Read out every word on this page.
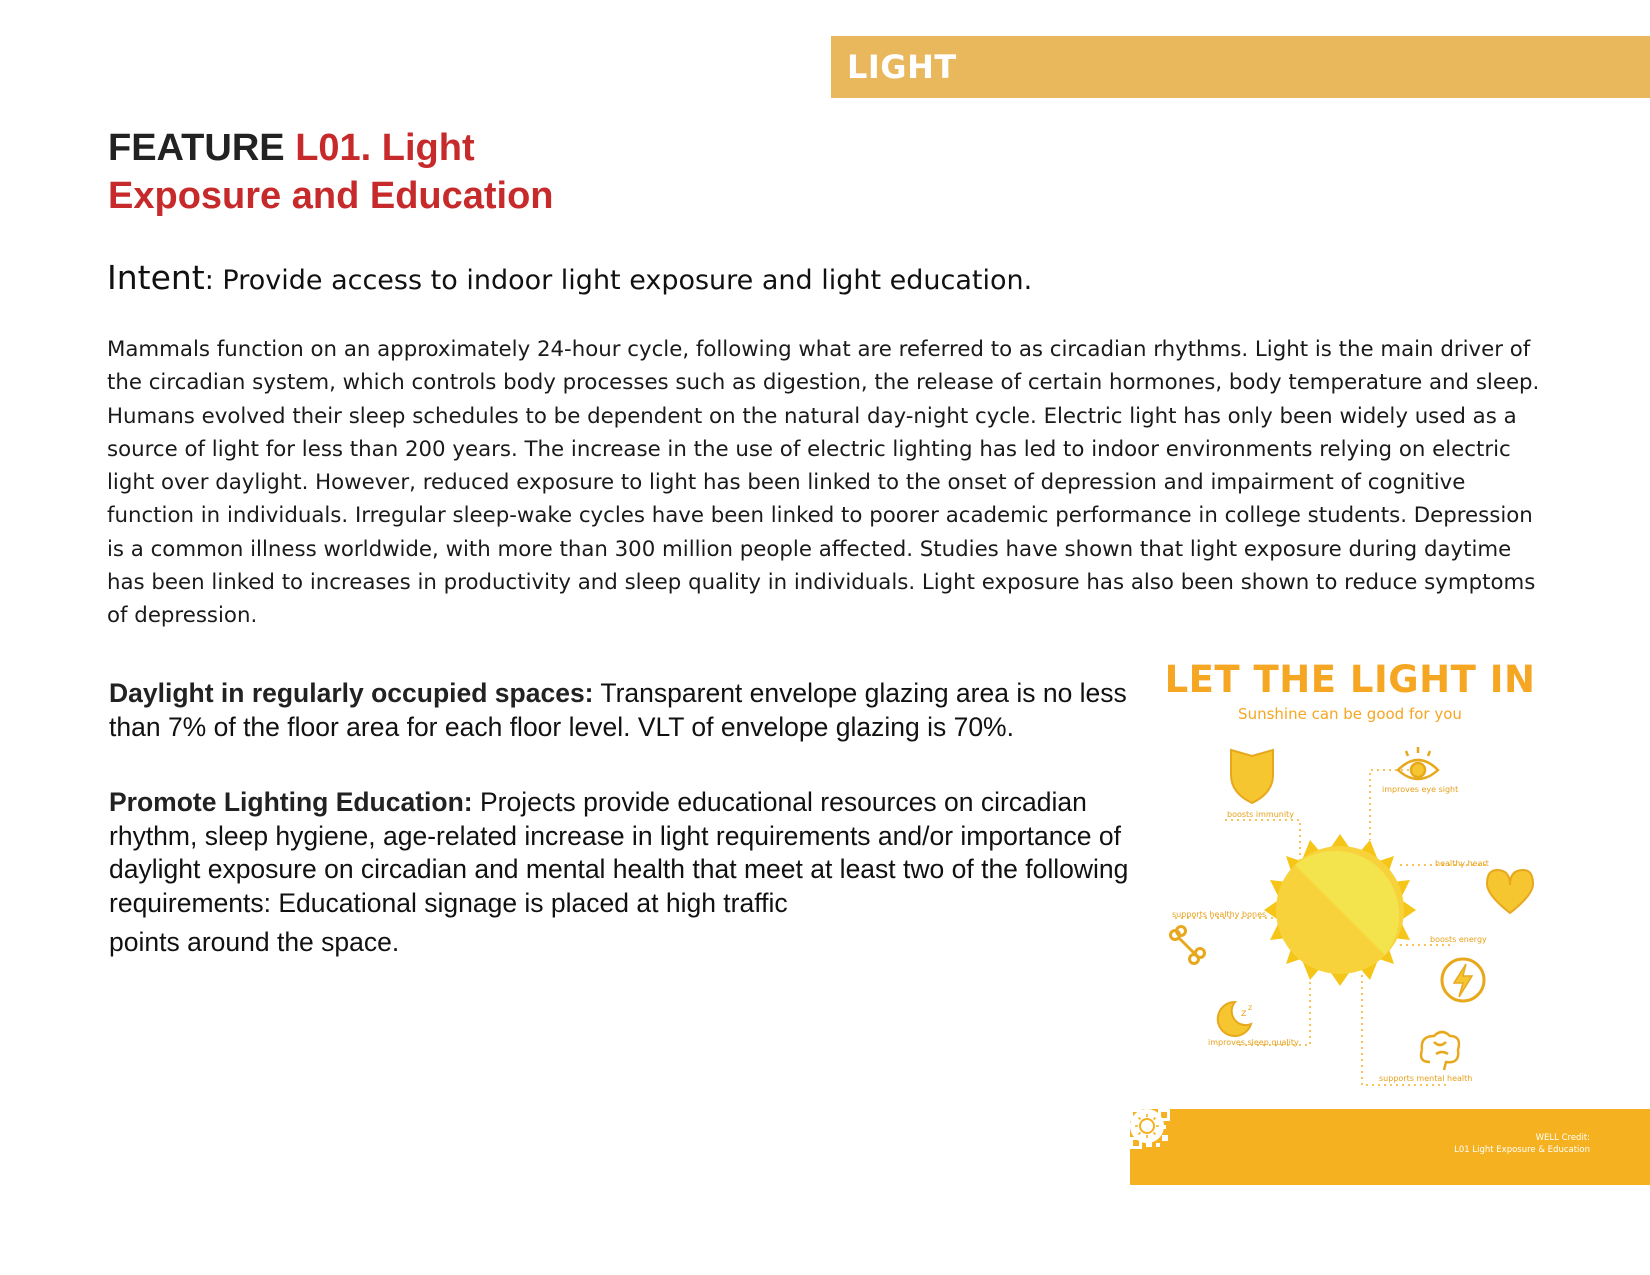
LIGHT
FEATURE L01. Light
Exposure and Education

Intent: Provide access to indoor light exposure and light education.

Mammals function on an approximately 24-hour cycle, following what are referred to as circadian rhythms. Light is the main driver of the circadian system, which controls body processes such as digestion, the release of certain hormones, body temperature and sleep. Humans evolved their sleep schedules to be dependent on the natural day-night cycle. Electric light has only been widely used as a source of light for less than 200 years. The increase in the use of electric lighting has led to indoor environments relying on electric light over daylight. However, reduced exposure to light has been linked to the onset of depression and impairment of cognitive function in individuals. Irregular sleep-wake cycles have been linked to poorer academic performance in college students. Depression is a common illness worldwide, with more than 300 million people affected. Studies have shown that light exposure during daytime has been linked to increases in productivity and sleep quality in individuals. Light exposure has also been shown to reduce symptoms of depression.

Daylight in regularly occupied spaces: Transparent envelope glazing area is no less than 7% of the floor area for each floor level. VLT of envelope glazing is 70%.

Promote Lighting Education: Projects provide educational resources on circadian rhythm, sleep hygiene, age-related increase in light requirements and/or importance of daylight exposure on circadian and mental health that meet at least two of the following requirements: Educational signage is placed at high traffic
points around the space.

LET THE LIGHT IN

Sunshine can be good for you

z
z
boosts immunity
improves eye sight
healthy heart
supports healthy bones
boosts energy
improves sleep quality
supports mental health
WELL Credit:
L01 Light Exposure & Education
